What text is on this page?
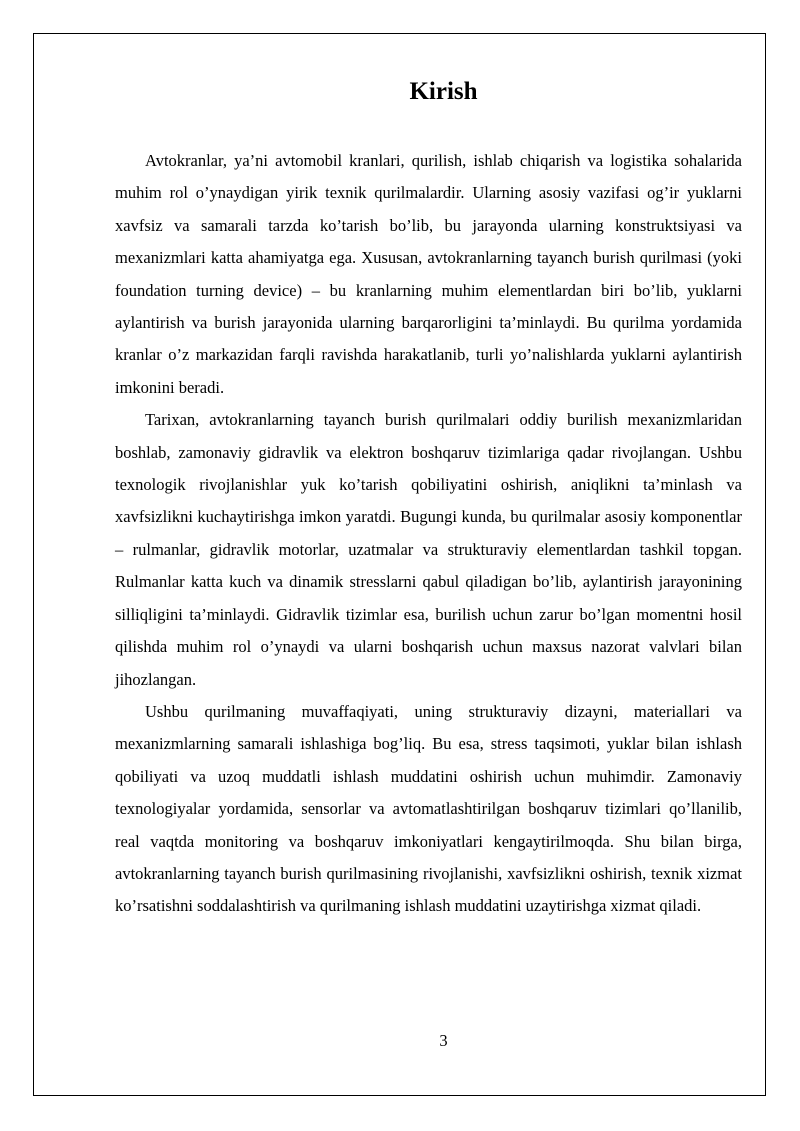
Kirish

Avtokranlar, ya’ni avtomobil kranlari, qurilish, ishlab chiqarish va logistika sohalarida muhim rol o’ynaydigan yirik texnik qurilmalardir. Ularning asosiy vazifasi og’ir yuklarni xavfsiz va samarali tarzda ko’tarish bo’lib, bu jarayonda ularning konstruktsiyasi va mexanizmlari katta ahamiyatga ega. Xususan, avtokranlarning tayanch burish qurilmasi (yoki foundation turning device) – bu kranlarning muhim elementlardan biri bo’lib, yuklarni aylantirish va burish jarayonida ularning barqarorligini ta’minlaydi. Bu qurilma yordamida kranlar o’z markazidan farqli ravishda harakatlanib, turli yo’nalishlarda yuklarni aylantirish imkonini beradi.

Tarixan, avtokranlarning tayanch burish qurilmalari oddiy burilish mexanizmlaridan boshlab, zamonaviy gidravlik va elektron boshqaruv tizimlariga qadar rivojlangan. Ushbu texnologik rivojlanishlar yuk ko’tarish qobiliyatini oshirish, aniqlikni ta’minlash va xavfsizlikni kuchaytirishga imkon yaratdi. Bugungi kunda, bu qurilmalar asosiy komponentlar – rulmanlar, gidravlik motorlar, uzatmalar va strukturaviy elementlardan tashkil topgan. Rulmanlar katta kuch va dinamik stresslarni qabul qiladigan bo’lib, aylantirish jarayonining silliqligini ta’minlaydi. Gidravlik tizimlar esa, burilish uchun zarur bo’lgan momentni hosil qilishda muhim rol o’ynaydi va ularni boshqarish uchun maxsus nazorat valvlari bilan jihozlangan.

Ushbu qurilmaning muvaffaqiyati, uning strukturaviy dizayni, materiallari va mexanizmlarning samarali ishlashiga bog’liq. Bu esa, stress taqsimoti, yuklar bilan ishlash qobiliyati va uzoq muddatli ishlash muddatini oshirish uchun muhimdir. Zamonaviy texnologiyalar yordamida, sensorlar va avtomatlashtirilgan boshqaruv tizimlari qo’llanilib, real vaqtda monitoring va boshqaruv imkoniyatlari kengaytirilmoqda. Shu bilan birga, avtokranlarning tayanch burish qurilmasining rivojlanishi, xavfsizlikni oshirish, texnik xizmat ko’rsatishni soddalashtirish va qurilmaning ishlash muddatini uzaytirishga xizmat qiladi.

3
